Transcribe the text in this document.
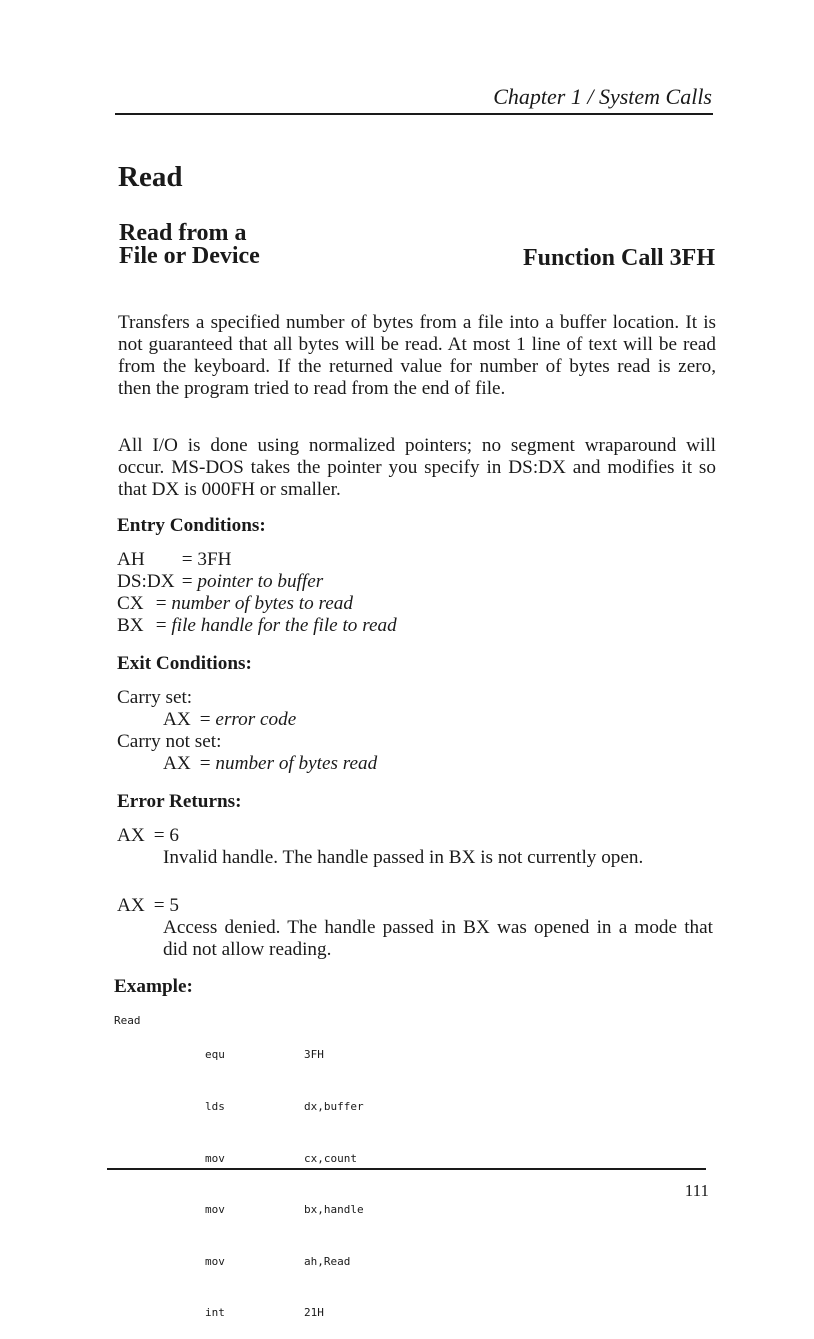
Chapter 1 / System Calls
Read
Read from a
File or Device	Function Call 3FH

Transfers a specified number of bytes from a file into a buffer location. It is not guaranteed that all bytes will be read. At most 1 line of text will be read from the keyboard. If the returned value for number of bytes read is zero, then the program tried to read from the end of file.

All I/O is done using normalized pointers; no segment wraparound will occur. MS-DOS takes the pointer you specify in DS:DX and modifies it so that DX is 000FH or smaller.

Entry Conditions:
AH = 3FH
DS:DX = pointer to buffer
CX = number of bytes to read
BX = file handle for the file to read
Exit Conditions:
Carry set:
AX = error code
Carry not set:
AX = number of bytes read
Error Returns:
AX = 6

Invalid handle. The handle passed in BX is not currently open.

AX = 5

Access denied. The handle passed in BX was opened in a mode that did not allow reading.

Example:
Read

equ

lds

mov

mov

mov

int

3FH

dx,buffer

cx,count

bx,handle

ah,Read

21H

111
